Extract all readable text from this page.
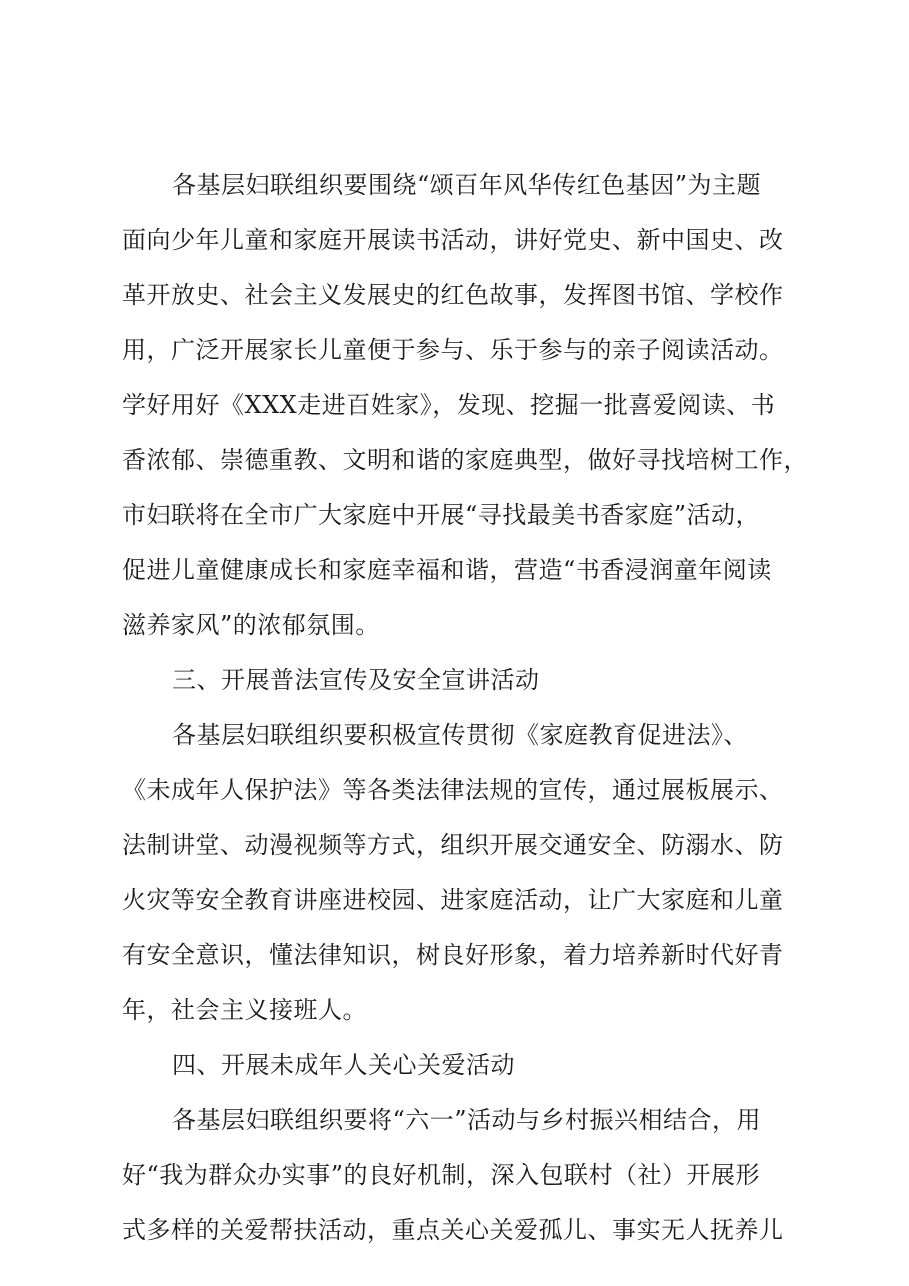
各基层妇联组织要围绕“颂百年风华传红色基因”为主题
面向少年儿童和家庭开展读书活动，讲好党史、新中国史、改
革开放史、社会主义发展史的红色故事，发挥图书馆、学校作
用，广泛开展家长儿童便于参与、乐于参与的亲子阅读活动。
学好用好《XXX走进百姓家》，发现、挖掘一批喜爱阅读、书
香浓郁、崇德重教、文明和谐的家庭典型，做好寻找培树工作，
市妇联将在全市广大家庭中开展“寻找最美书香家庭”活动，
促进儿童健康成长和家庭幸福和谐，营造“书香浸润童年阅读
滋养家风”的浓郁氛围。
三、开展普法宣传及安全宣讲活动
各基层妇联组织要积极宣传贯彻《家庭教育促进法》、
《未成年人保护法》等各类法律法规的宣传，通过展板展示、
法制讲堂、动漫视频等方式，组织开展交通安全、防溺水、防
火灾等安全教育讲座进校园、进家庭活动，让广大家庭和儿童
有安全意识，懂法律知识，树良好形象，着力培养新时代好青
年，社会主义接班人。
四、开展未成年人关心关爱活动
各基层妇联组织要将“六一”活动与乡村振兴相结合，用
好“我为群众办实事”的良好机制，深入包联村（社）开展形
式多样的关爱帮扶活动，重点关心关爱孤儿、事实无人抚养儿
